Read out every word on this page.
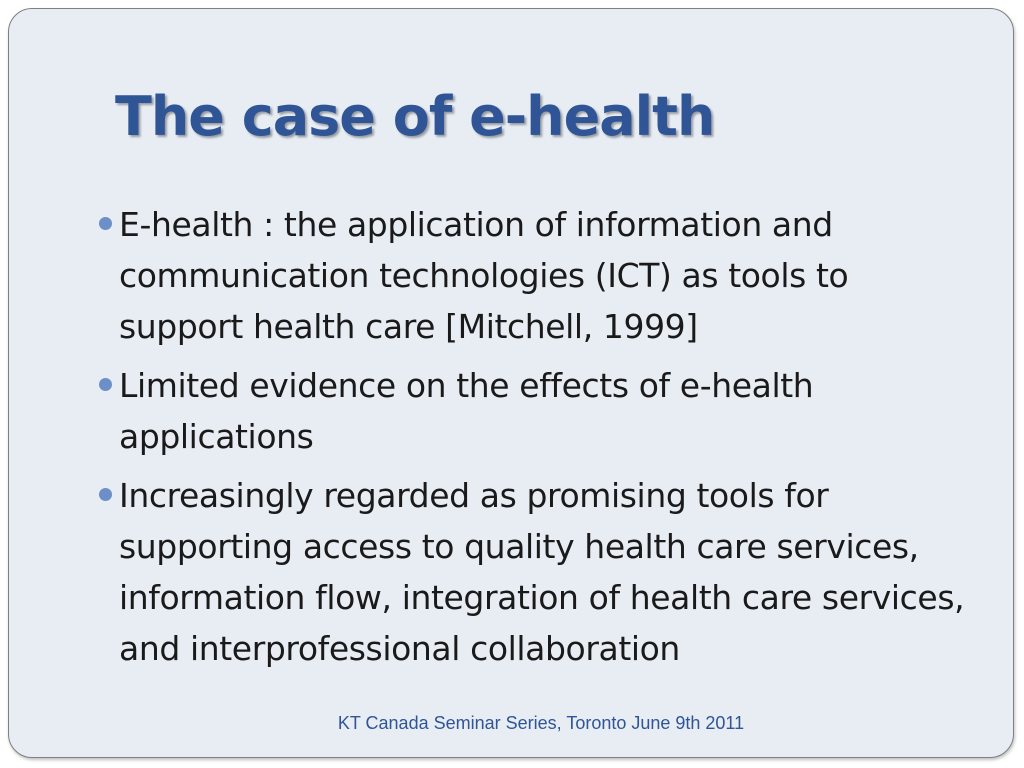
The case of e-health
E-health : the application of information and communication technologies (ICT) as tools to support health care [Mitchell, 1999]
Limited evidence on the effects of e-health applications
Increasingly regarded as promising tools for supporting access to quality health care services, information flow, integration of health care services, and interprofessional collaboration
KT Canada Seminar Series, Toronto June 9th 2011
